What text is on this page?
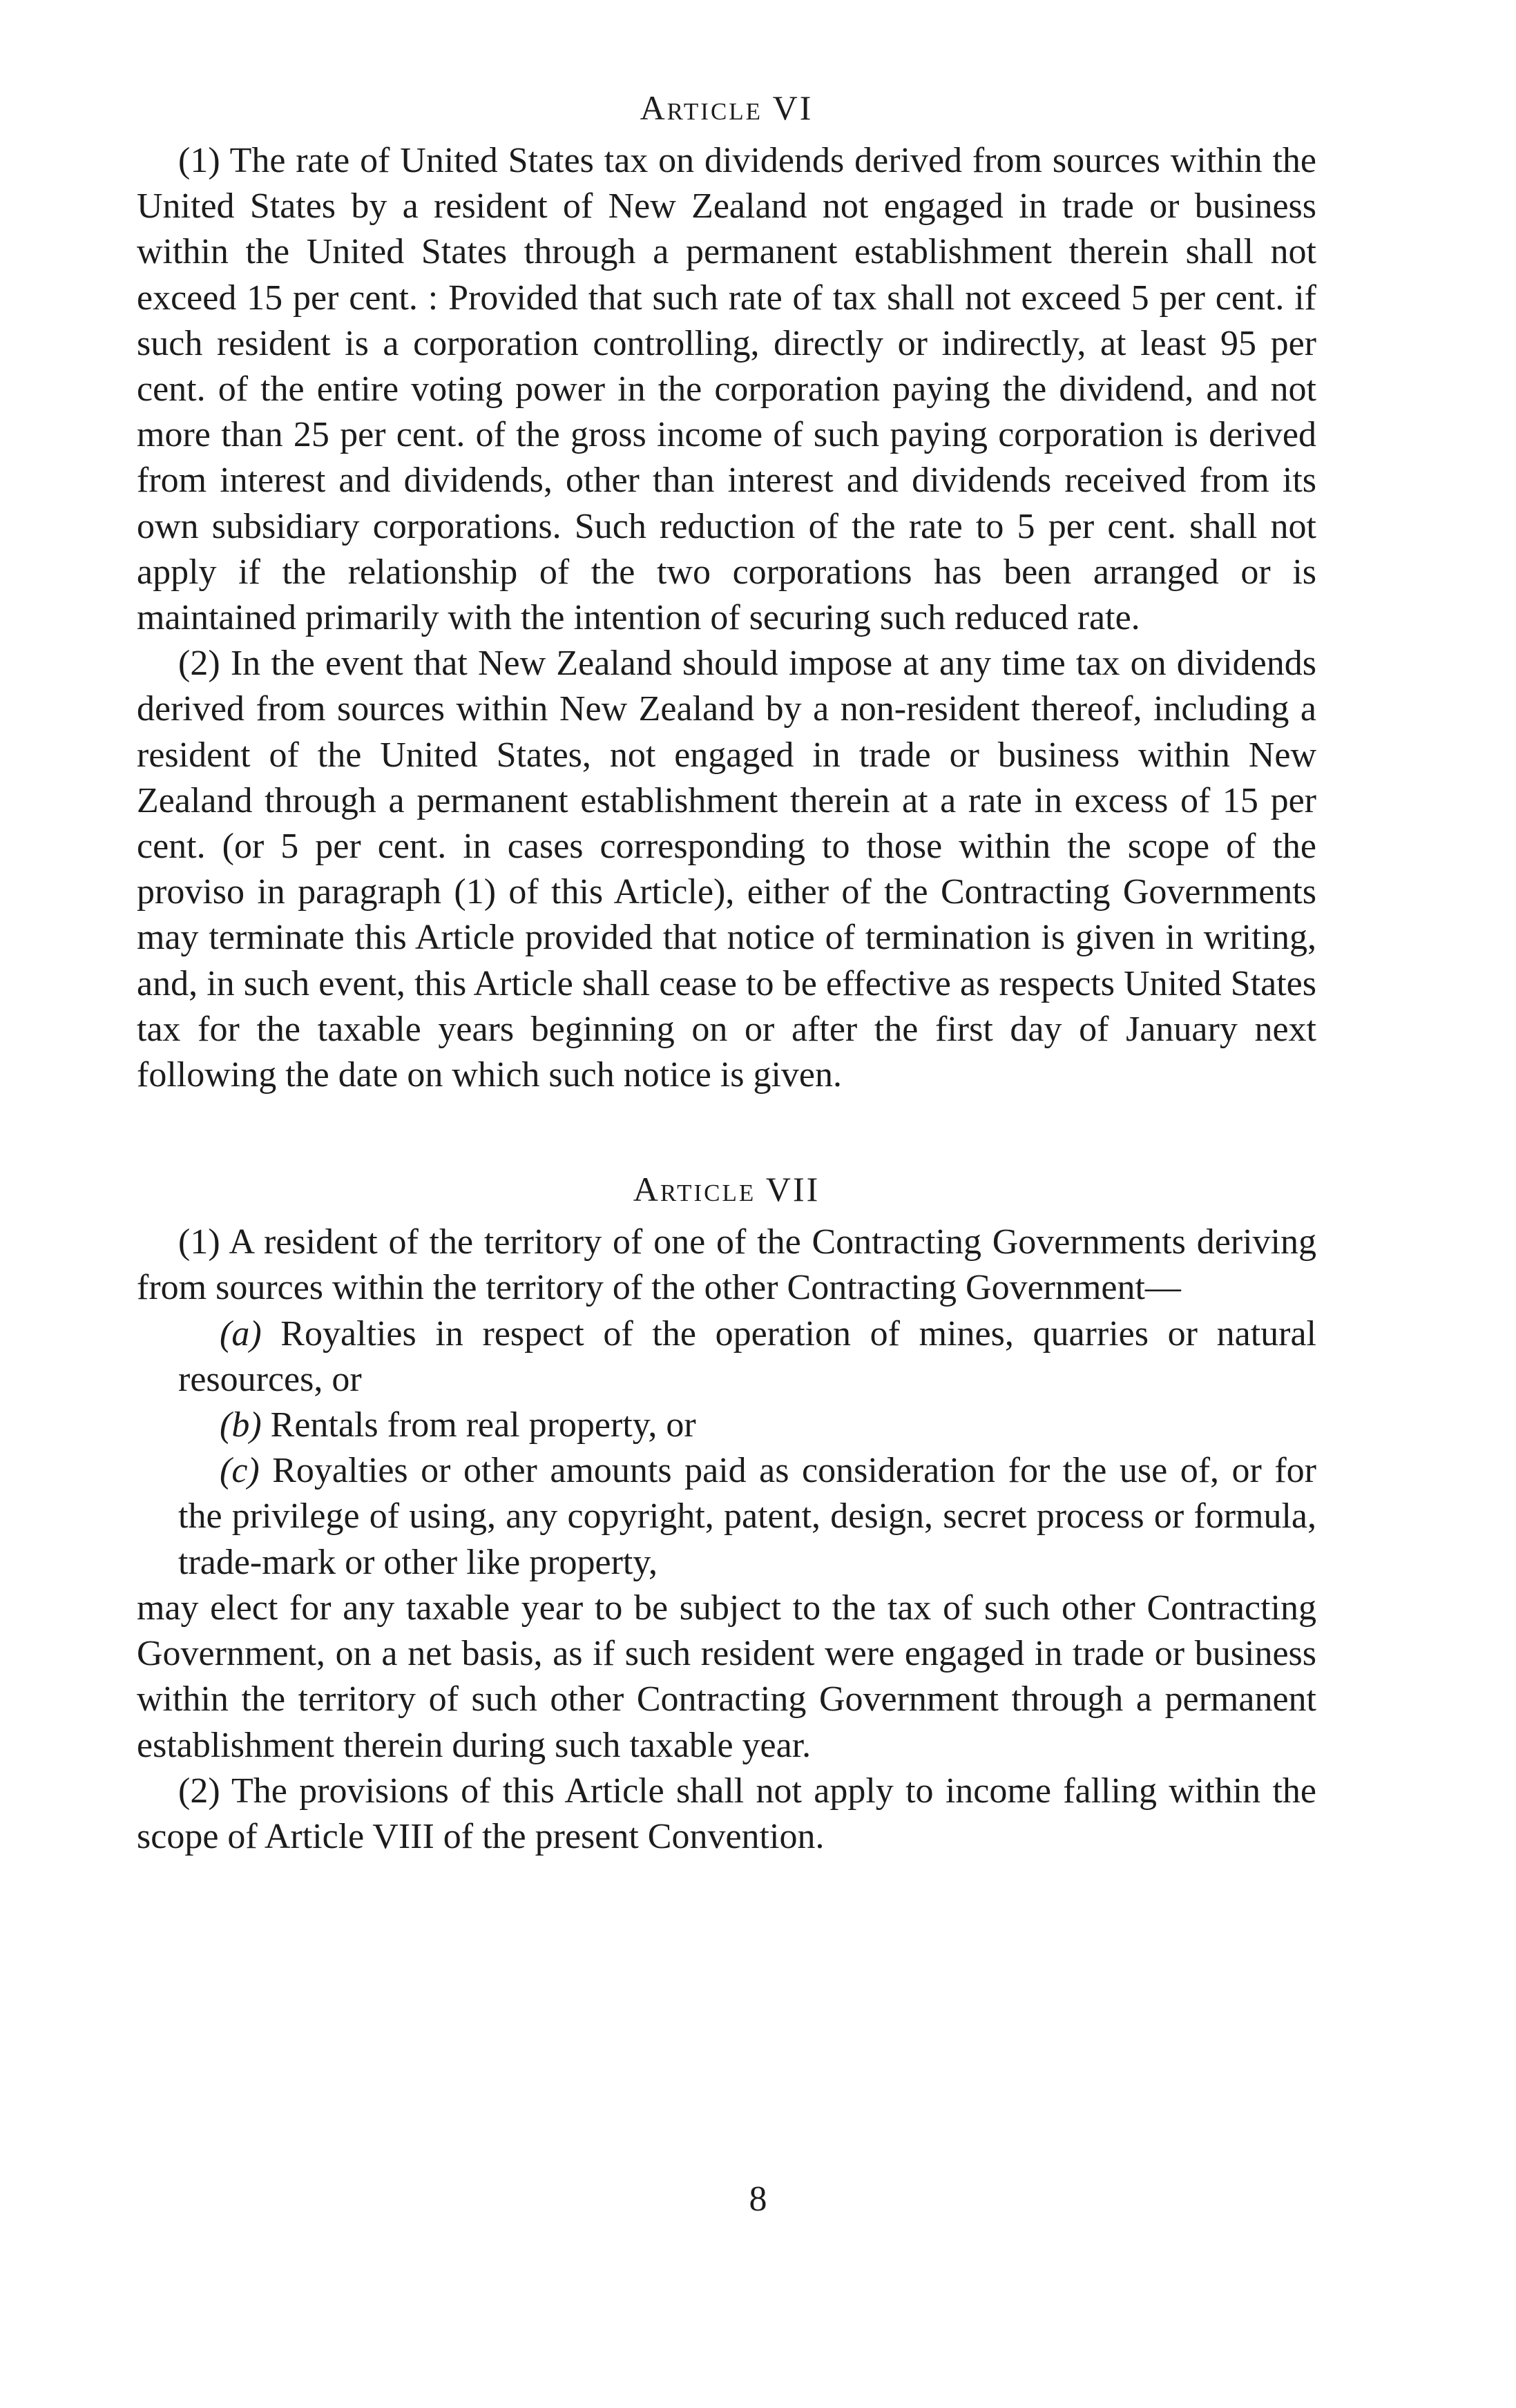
Article VI

(1) The rate of United States tax on dividends derived from sources within the United States by a resident of New Zealand not engaged in trade or business within the United States through a permanent establishment therein shall not exceed 15 per cent. : Provided that such rate of tax shall not exceed 5 per cent. if such resident is a corporation controlling, directly or indirectly, at least 95 per cent. of the entire voting power in the corporation paying the dividend, and not more than 25 per cent. of the gross income of such paying corporation is derived from interest and dividends, other than interest and dividends received from its own subsidiary corporations. Such reduction of the rate to 5 per cent. shall not apply if the relationship of the two corporations has been arranged or is maintained primarily with the intention of securing such reduced rate.

(2) In the event that New Zealand should impose at any time tax on dividends derived from sources within New Zealand by a non-resident thereof, including a resident of the United States, not engaged in trade or business within New Zealand through a permanent establishment therein at a rate in excess of 15 per cent. (or 5 per cent. in cases corresponding to those within the scope of the proviso in paragraph (1) of this Article), either of the Contracting Governments may terminate this Article provided that notice of termination is given in writing, and, in such event, this Article shall cease to be effective as respects United States tax for the taxable years beginning on or after the first day of January next following the date on which such notice is given.

Article VII

(1) A resident of the territory of one of the Contracting Governments deriving from sources within the territory of the other Contracting Government—

(a) Royalties in respect of the operation of mines, quarries or natural resources, or

(b) Rentals from real property, or

(c) Royalties or other amounts paid as consideration for the use of, or for the privilege of using, any copyright, patent, design, secret process or formula, trade-mark or other like property,

may elect for any taxable year to be subject to the tax of such other Contracting Government, on a net basis, as if such resident were engaged in trade or business within the territory of such other Contracting Government through a permanent establishment therein during such taxable year.

(2) The provisions of this Article shall not apply to income falling within the scope of Article VIII of the present Convention.

8
